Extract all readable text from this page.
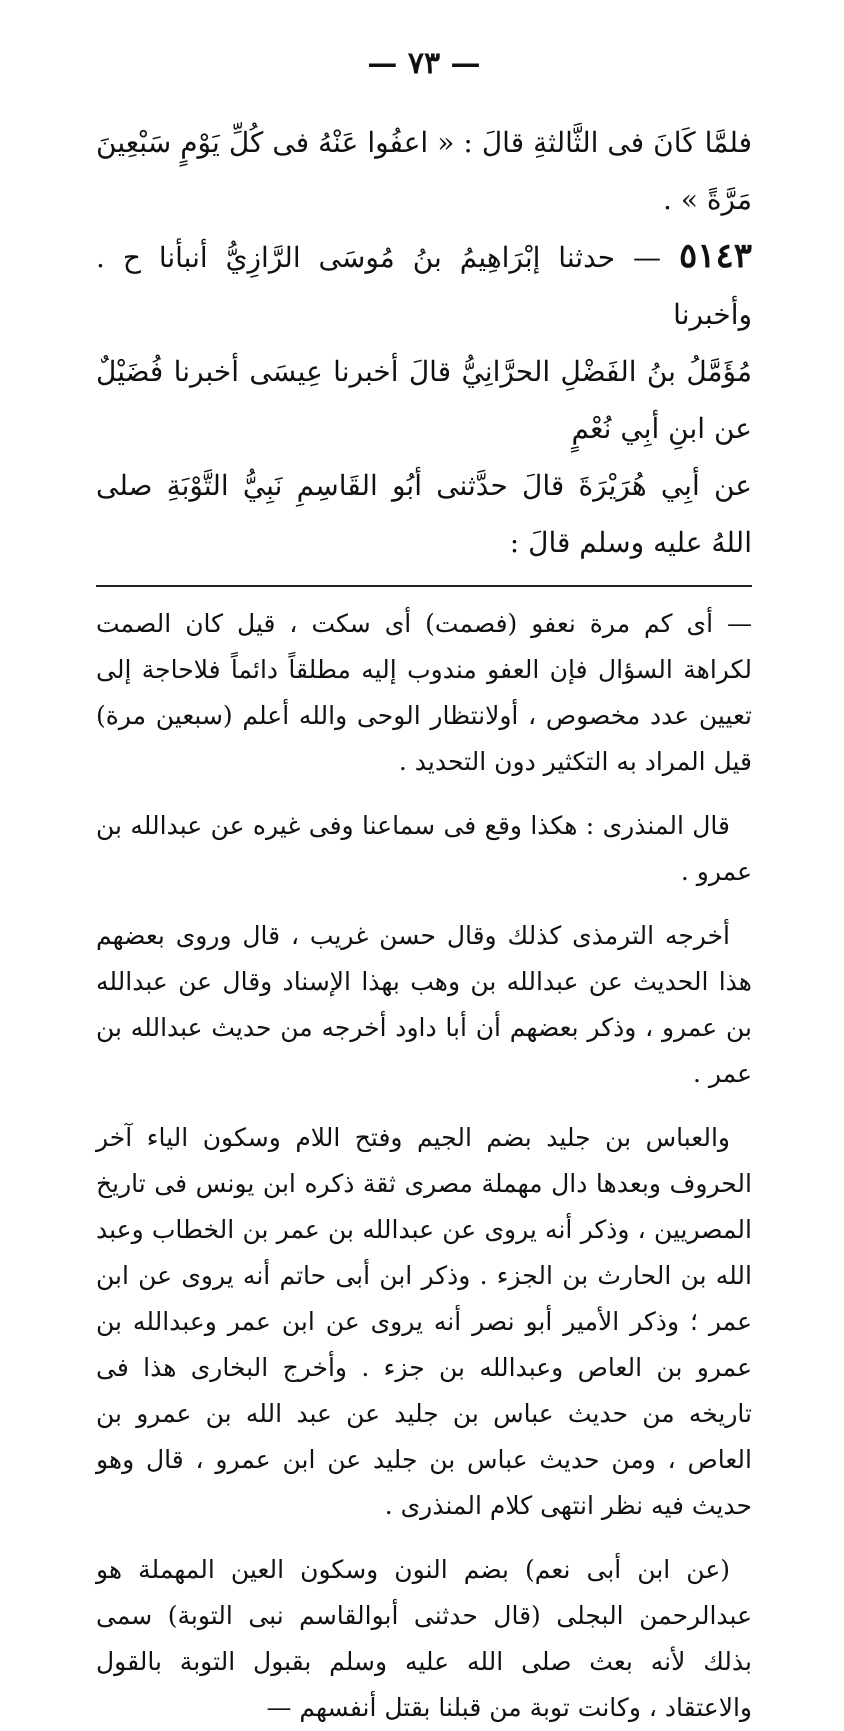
— ٧٣ —

فلمَّا كَانَ فى الثَّالثةِ قالَ : « اعفُوا عَنْهُ فى كُلِّ يَوْمٍ سَبْعِينَ مَرَّةً » .

٥١٤٣ — حدثنا إبْرَاهِيمُ بنُ مُوسَى الرَّازِيُّ أنبأنا ح . وأخبرنا

مُؤَمَّلُ بنُ الفَضْلِ الحرَّانِيُّ قالَ أخبرنا عِيسَى أخبرنا فُضَيْلٌ عن ابنِ أبِي نُعْمٍ

عن أبِي هُرَيْرَةَ قالَ حدَّثنى أبُو القَاسِمِ نَبِيُّ التَّوْبَةِ صلى اللهُ عليه وسلم قالَ :

— أى كم مرة نعفو (فصمت) أى سكت ، قيل كان الصمت لكراهة السؤال فإن العفو مندوب إليه مطلقاً دائماً فلاحاجة إلى تعيين عدد مخصوص ، أولانتظار الوحى والله أعلم (سبعين مرة) قيل المراد به التكثير دون التحديد .

قال المنذرى : هكذا وقع فى سماعنا وفى غيره عن عبدالله بن عمرو .

أخرجه الترمذى كذلك وقال حسن غريب ، قال وروى بعضهم هذا الحديث عن عبدالله بن وهب بهذا الإسناد وقال عن عبدالله بن عمرو ، وذكر بعضهم أن أبا داود أخرجه من حديث عبدالله بن عمر .

والعباس بن جليد بضم الجيم وفتح اللام وسكون الياء آخر الحروف وبعدها دال مهملة مصرى ثقة ذكره ابن يونس فى تاريخ المصريين ، وذكر أنه يروى عن عبدالله بن عمر بن الخطاب وعبد الله بن الحارث بن الجزء . وذكر ابن أبى حاتم أنه يروى عن ابن عمر ؛ وذكر الأمير أبو نصر أنه يروى عن ابن عمر وعبدالله بن عمرو بن العاص وعبدالله بن جزء . وأخرج البخارى هذا فى تاريخه من حديث عباس بن جليد عن عبد الله بن عمرو بن العاص ، ومن حديث عباس بن جليد عن ابن عمرو ، قال وهو حديث فيه نظر انتهى كلام المنذرى .

(عن ابن أبى نعم) بضم النون وسكون العين المهملة هو عبدالرحمن البجلى (قال حدثنى أبوالقاسم نبى التوبة) سمى بذلك لأنه بعث صلى الله عليه وسلم بقبول التوبة بالقول والاعتقاد ، وكانت توبة من قبلنا بقتل أنفسهم —
